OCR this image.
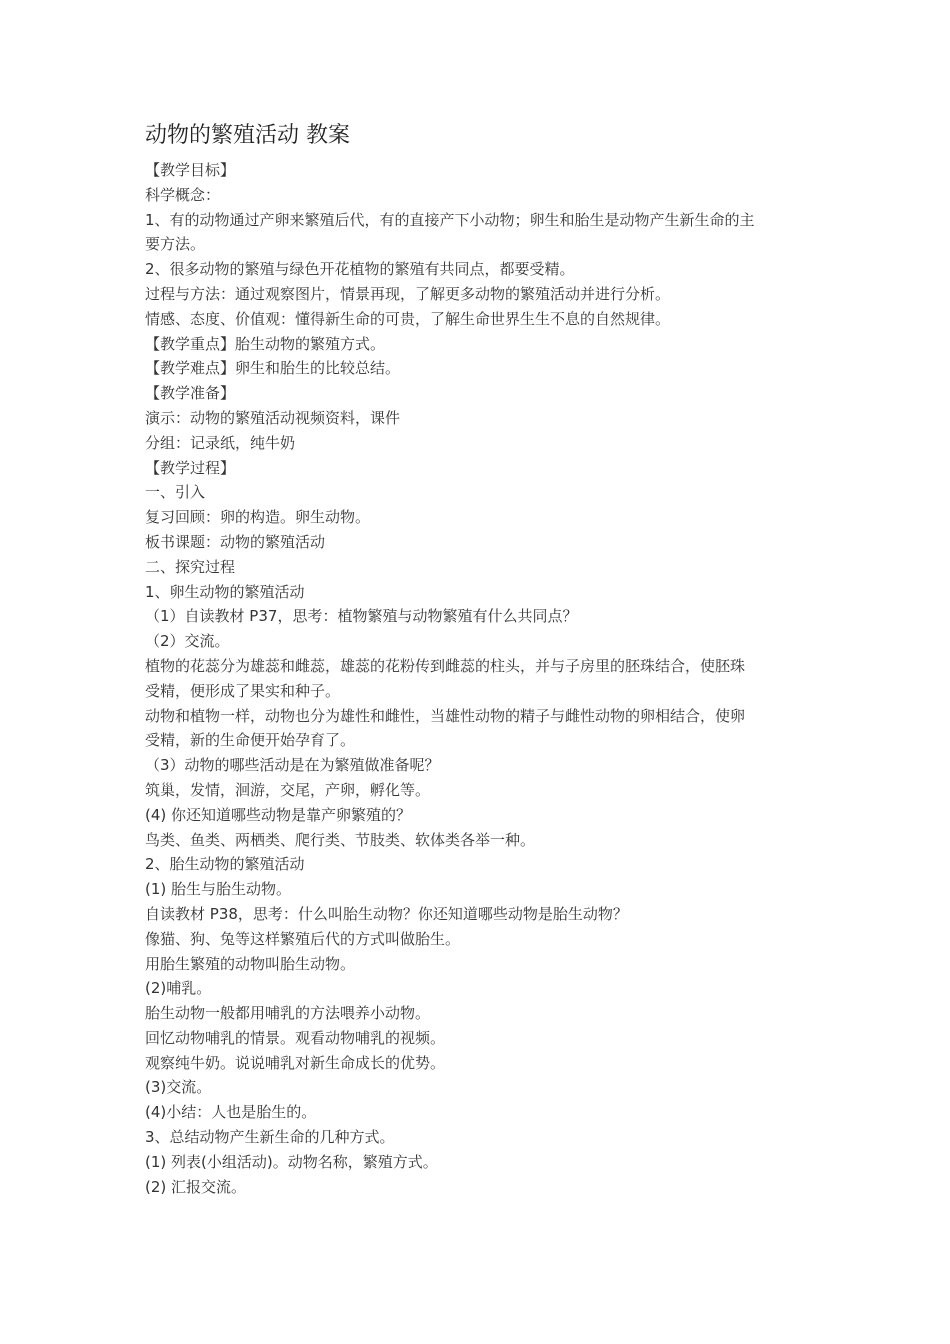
动物的繁殖活动 教案

【教学目标】

科学概念：

1、有的动物通过产卵来繁殖后代，有的直接产下小动物；卵生和胎生是动物产生新生命的主

要方法。

2、很多动物的繁殖与绿色开花植物的繁殖有共同点，都要受精。

过程与方法：通过观察图片，情景再现，了解更多动物的繁殖活动并进行分析。

情感、态度、价值观：懂得新生命的可贵，了解生命世界生生不息的自然规律。

【教学重点】胎生动物的繁殖方式。

【教学难点】卵生和胎生的比较总结。

【教学准备】

演示：动物的繁殖活动视频资料，课件

分组：记录纸，纯牛奶

【教学过程】

一、引入

复习回顾：卵的构造。卵生动物。

板书课题：动物的繁殖活动

二、探究过程

1、卵生动物的繁殖活动

（1）自读教材 P37，思考：植物繁殖与动物繁殖有什么共同点？

（2）交流。

植物的花蕊分为雄蕊和雌蕊，雄蕊的花粉传到雌蕊的柱头，并与子房里的胚珠结合，使胚珠

受精，便形成了果实和种子。

动物和植物一样，动物也分为雄性和雌性，当雄性动物的精子与雌性动物的卵相结合，使卵

受精，新的生命便开始孕育了。

（3）动物的哪些活动是在为繁殖做准备呢？

筑巢，发情，洄游，交尾，产卵，孵化等。

(4) 你还知道哪些动物是靠产卵繁殖的？

鸟类、鱼类、两栖类、爬行类、节肢类、软体类各举一种。

2、胎生动物的繁殖活动

(1) 胎生与胎生动物。

自读教材 P38，思考：什么叫胎生动物？你还知道哪些动物是胎生动物？

像猫、狗、兔等这样繁殖后代的方式叫做胎生。

用胎生繁殖的动物叫胎生动物。

(2)哺乳。

胎生动物一般都用哺乳的方法喂养小动物。

回忆动物哺乳的情景。观看动物哺乳的视频。

观察纯牛奶。说说哺乳对新生命成长的优势。

(3)交流。

(4)小结：人也是胎生的。

3、总结动物产生新生命的几种方式。

(1) 列表(小组活动)。动物名称，繁殖方式。

(2) 汇报交流。
